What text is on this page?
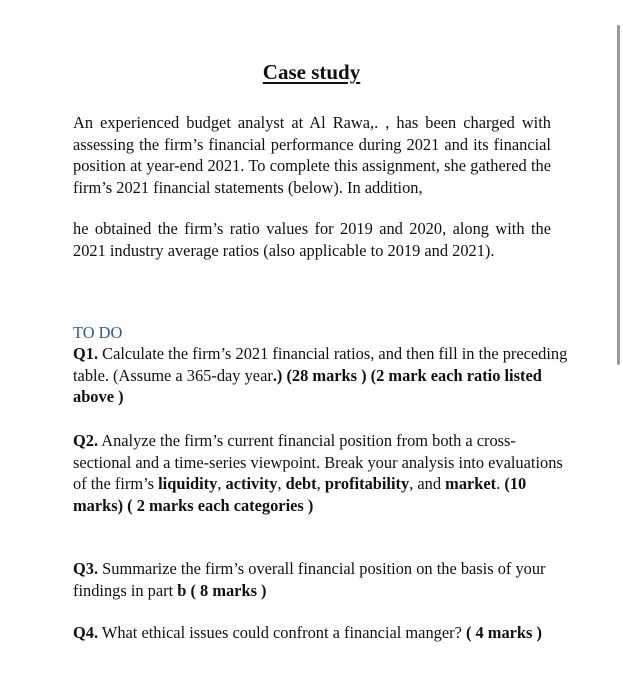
Case study
An experienced budget analyst at Al Rawa,. , has been charged with assessing the firm’s financial performance during 2021 and its financial position at year-end 2021. To complete this assignment, she gathered the firm’s 2021 financial statements (below). In addition,
he obtained the firm’s ratio values for 2019 and 2020, along with the 2021 industry average ratios (also applicable to 2019 and 2021).
TO DO
Q1. Calculate the firm’s 2021 financial ratios, and then fill in the preceding table. (Assume a 365-day year.) (28 marks ) (2 mark each ratio listed above )
Q2. Analyze the firm’s current financial position from both a cross-sectional and a time-series viewpoint. Break your analysis into evaluations of the firm’s liquidity, activity, debt, profitability, and market. (10 marks) ( 2 marks each categories )
Q3. Summarize the firm’s overall financial position on the basis of your findings in part b ( 8 marks )
Q4. What ethical issues could confront a financial manger? ( 4 marks )
